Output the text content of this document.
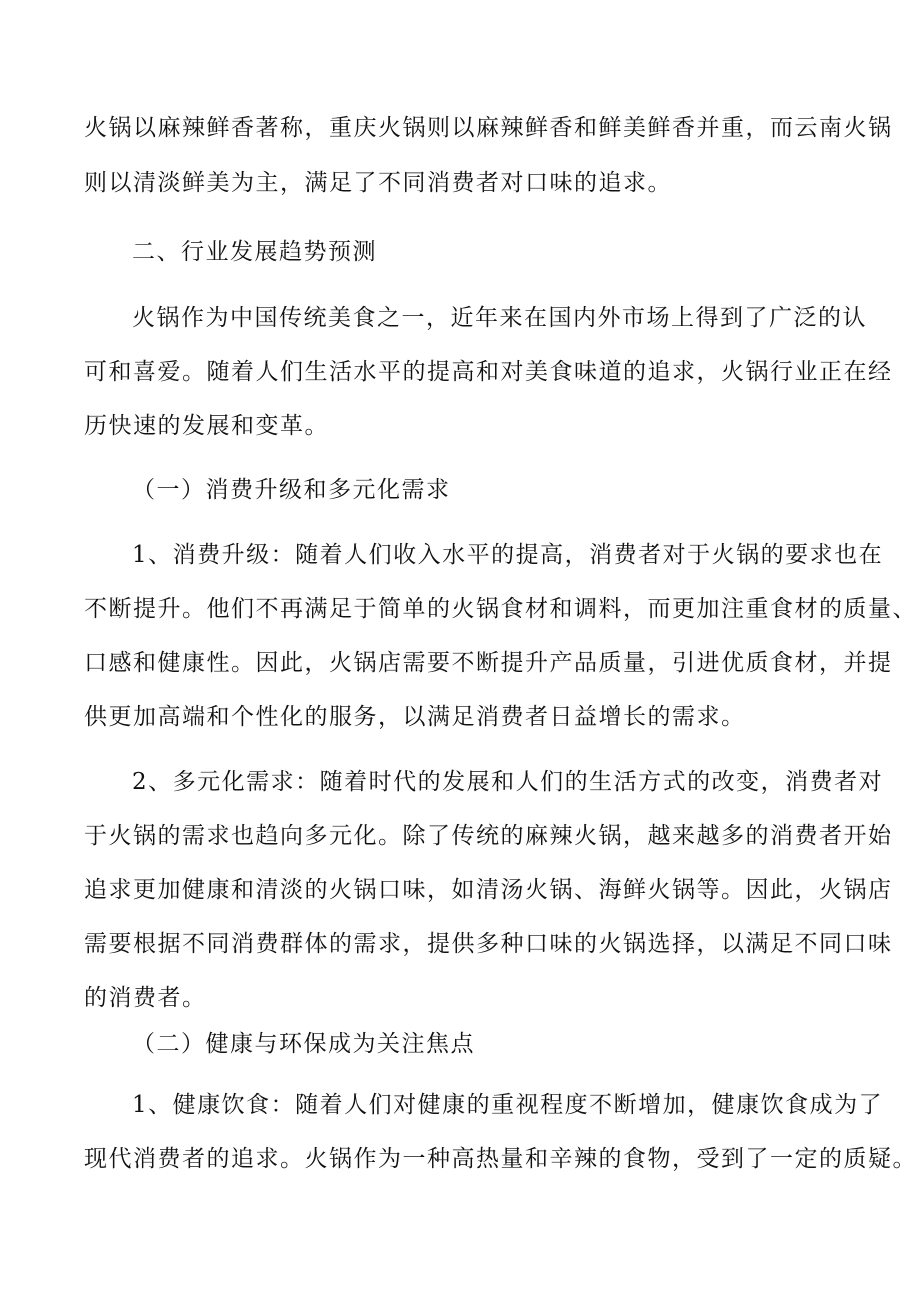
火锅以麻辣鲜香著称，重庆火锅则以麻辣鲜香和鲜美鲜香并重，而云南火锅
则以清淡鲜美为主，满足了不同消费者对口味的追求。
二、行业发展趋势预测
火锅作为中国传统美食之一，近年来在国内外市场上得到了广泛的认
可和喜爱。随着人们生活水平的提高和对美食味道的追求，火锅行业正在经
历快速的发展和变革。
（一）消费升级和多元化需求
1、消费升级：随着人们收入水平的提高，消费者对于火锅的要求也在
不断提升。他们不再满足于简单的火锅食材和调料，而更加注重食材的质量、
口感和健康性。因此，火锅店需要不断提升产品质量，引进优质食材，并提
供更加高端和个性化的服务，以满足消费者日益增长的需求。
2、多元化需求：随着时代的发展和人们的生活方式的改变，消费者对
于火锅的需求也趋向多元化。除了传统的麻辣火锅，越来越多的消费者开始
追求更加健康和清淡的火锅口味，如清汤火锅、海鲜火锅等。因此，火锅店
需要根据不同消费群体的需求，提供多种口味的火锅选择，以满足不同口味
的消费者。
（二）健康与环保成为关注焦点
1、健康饮食：随着人们对健康的重视程度不断增加，健康饮食成为了
现代消费者的追求。火锅作为一种高热量和辛辣的食物，受到了一定的质疑。
